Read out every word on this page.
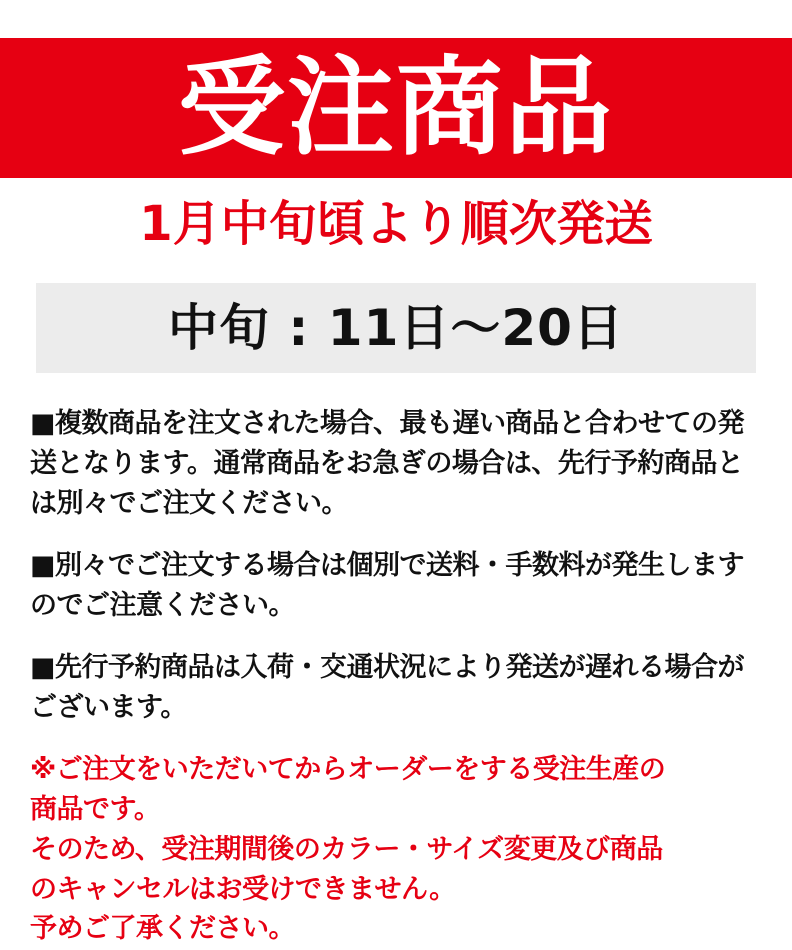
受注商品
1月中旬頃より順次発送
中旬 : 11日〜20日

■複数商品を注文された場合、最も遅い商品と合わせての発送となります。通常商品をお急ぎの場合は、先行予約商品とは別々でご注文ください。

■別々でご注文する場合は個別で送料・手数料が発生しますのでご注意ください。

■先行予約商品は入荷・交通状況により発送が遅れる場合がございます。

※ご注文をいただいてからオーダーをする受注生産の
商品です。
そのため、受注期間後のカラー・サイズ変更及び商品
のキャンセルはお受けできません。
予めご了承ください。
